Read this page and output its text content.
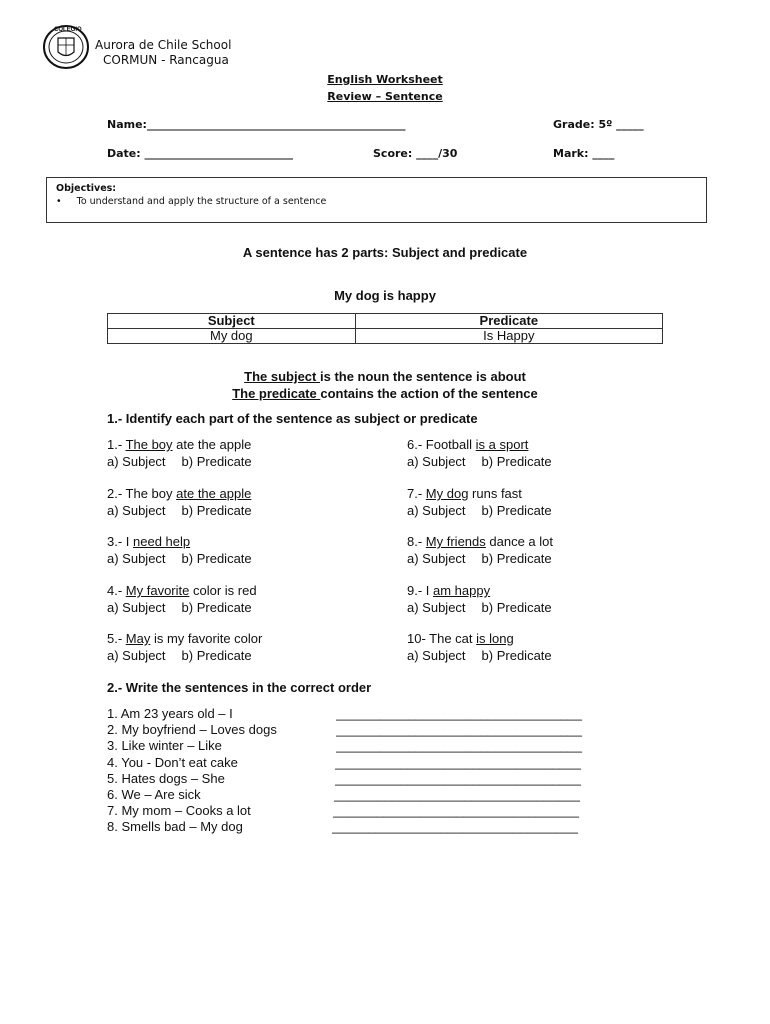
COLEGIO
Aurora de Chile School
CORMUN - Rancagua
English Worksheet
Review – Sentence
Name:_______________________________________________	Grade: 5º _____
Date: ___________________________	Score: ____/30	Mark: ____
Objectives:
• To understand and apply the structure of a sentence
A sentence has 2 parts: Subject and predicate
My dog is happy
Subject	Predicate
My dog	Is Happy
The subject is the noun the sentence is about
The predicate contains the action of the sentence
1.- Identify each part of the sentence as subject or predicate
1.- The boy ate the apple
a) Subject b) Predicate
2.- The boy ate the apple
a) Subject b) Predicate
3.- I need help
a) Subject b) Predicate
4.- My favorite color is red
a) Subject b) Predicate
5.- May is my favorite color
a) Subject b) Predicate
6.- Football is a sport
a) Subject b) Predicate
7.- My dog runs fast
a) Subject b) Predicate
8.- My friends dance a lot
a) Subject b) Predicate
9.- I am happy
a) Subject b) Predicate
10- The cat is long
a) Subject b) Predicate
2.- Write the sentences in the correct order
1. Am 23 years old – I
2. My boyfriend – Loves dogs
3. Like winter – Like
4. You - Don’t eat cake
5. Hates dogs – She
6. We – Are sick
7. My mom – Cooks a lot
8. Smells bad – My dog
__________________________________
__________________________________
__________________________________
__________________________________
__________________________________
__________________________________
__________________________________
__________________________________
